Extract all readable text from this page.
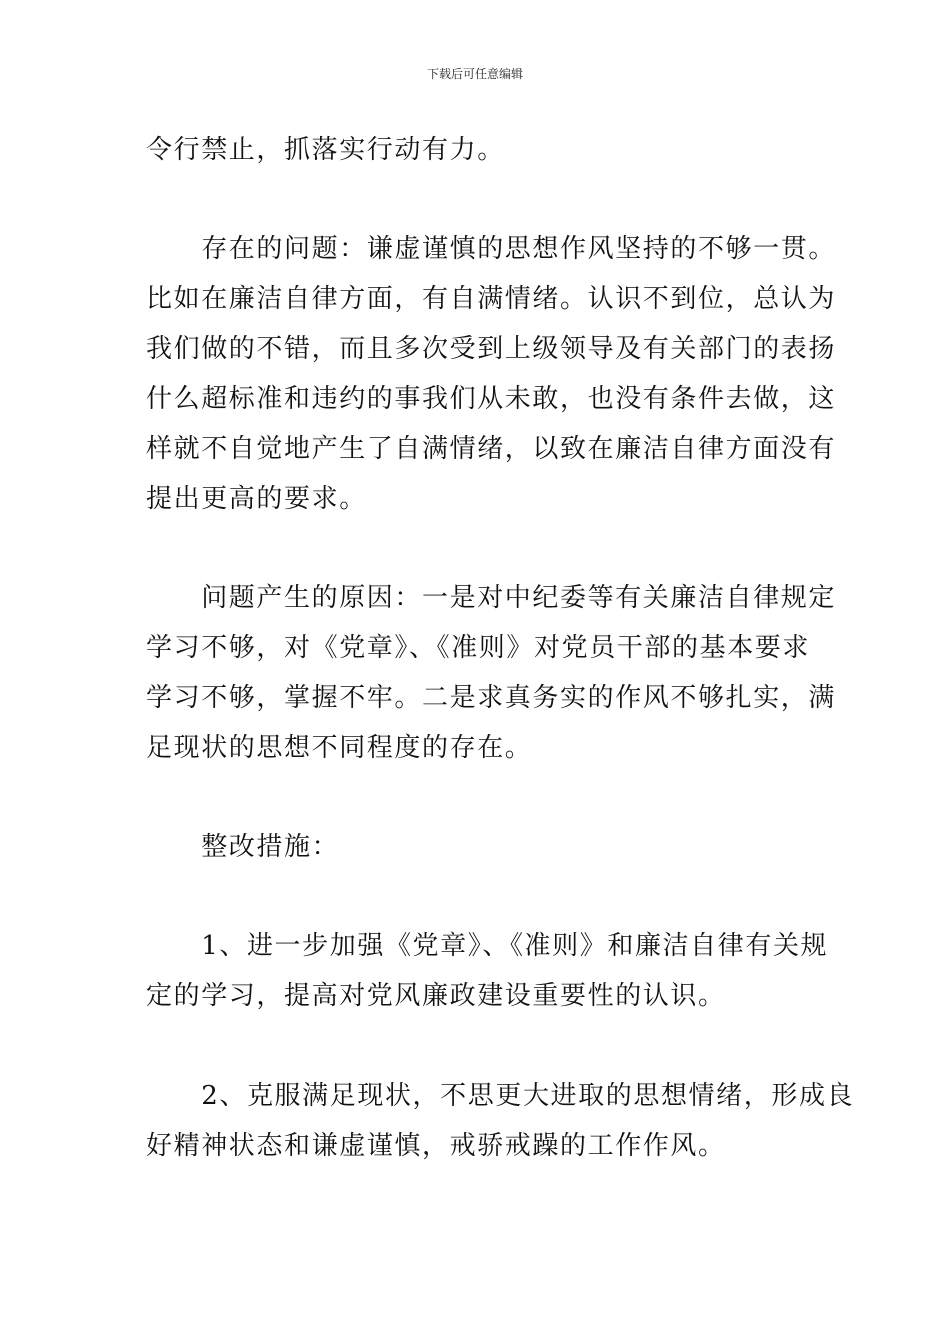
下载后可任意编辑
令行禁止，抓落实行动有力。
　　存在的问题：谦虚谨慎的思想作风坚持的不够一贯。
比如在廉洁自律方面，有自满情绪。认识不到位，总认为
我们做的不错，而且多次受到上级领导及有关部门的表扬
什么超标准和违约的事我们从未敢，也没有条件去做，这
样就不自觉地产生了自满情绪，以致在廉洁自律方面没有
提出更高的要求。
　　问题产生的原因：一是对中纪委等有关廉洁自律规定
学习不够，对《党章》、《准则》对党员干部的基本要求
学习不够，掌握不牢。二是求真务实的作风不够扎实，满
足现状的思想不同程度的存在。
　　整改措施：
　　1、进一步加强《党章》、《准则》和廉洁自律有关规
定的学习，提高对党风廉政建设重要性的认识。
　　2、克服满足现状，不思更大进取的思想情绪，形成良
好精神状态和谦虚谨慎，戒骄戒躁的工作作风。
